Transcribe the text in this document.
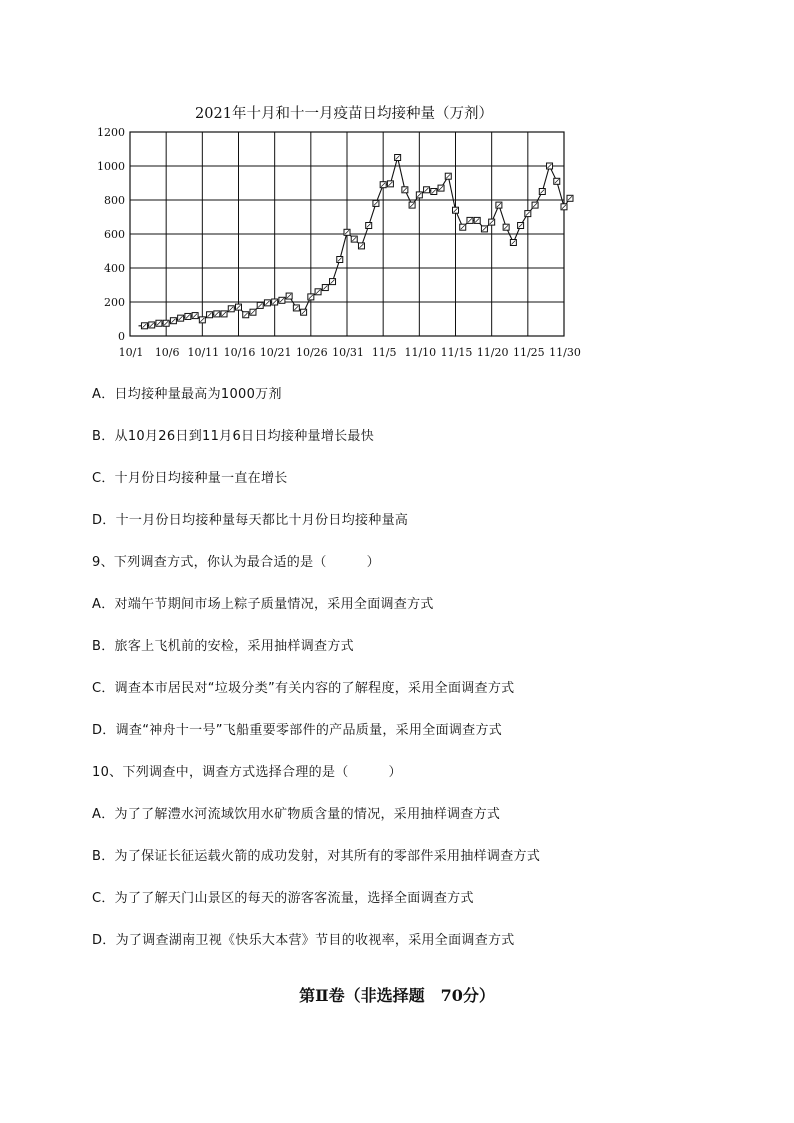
2021年十月和十一月疫苗日均接种量（万剂）
0
200
400
600
800
1000
1200
10/1 10/6 10/11 10/16 10/21 10/26 10/31 11/5 11/10 11/15 11/20 11/25 11/30
A．日均接种量最高为1000万剂
B．从10月26日到11月6日日均接种量增长最快
C．十月份日均接种量一直在增长
D．十一月份日均接种量每天都比十月份日均接种量高
9、下列调查方式，你认为最合适的是（　　　）
A．对端午节期间市场上粽子质量情况，采用全面调查方式
B．旅客上飞机前的安检，采用抽样调查方式
C．调查本市居民对“垃圾分类”有关内容的了解程度，采用全面调查方式
D．调查“神舟十一号”飞船重要零部件的产品质量，采用全面调查方式
10、下列调查中，调查方式选择合理的是（　　　）
A．为了了解澧水河流域饮用水矿物质含量的情况，采用抽样调查方式
B．为了保证长征运载火箭的成功发射，对其所有的零部件采用抽样调查方式
C．为了了解天门山景区的每天的游客客流量，选择全面调查方式
D．为了调查湖南卫视《快乐大本营》节目的收视率，采用全面调查方式
第Ⅱ卷（非选择题　70分）
